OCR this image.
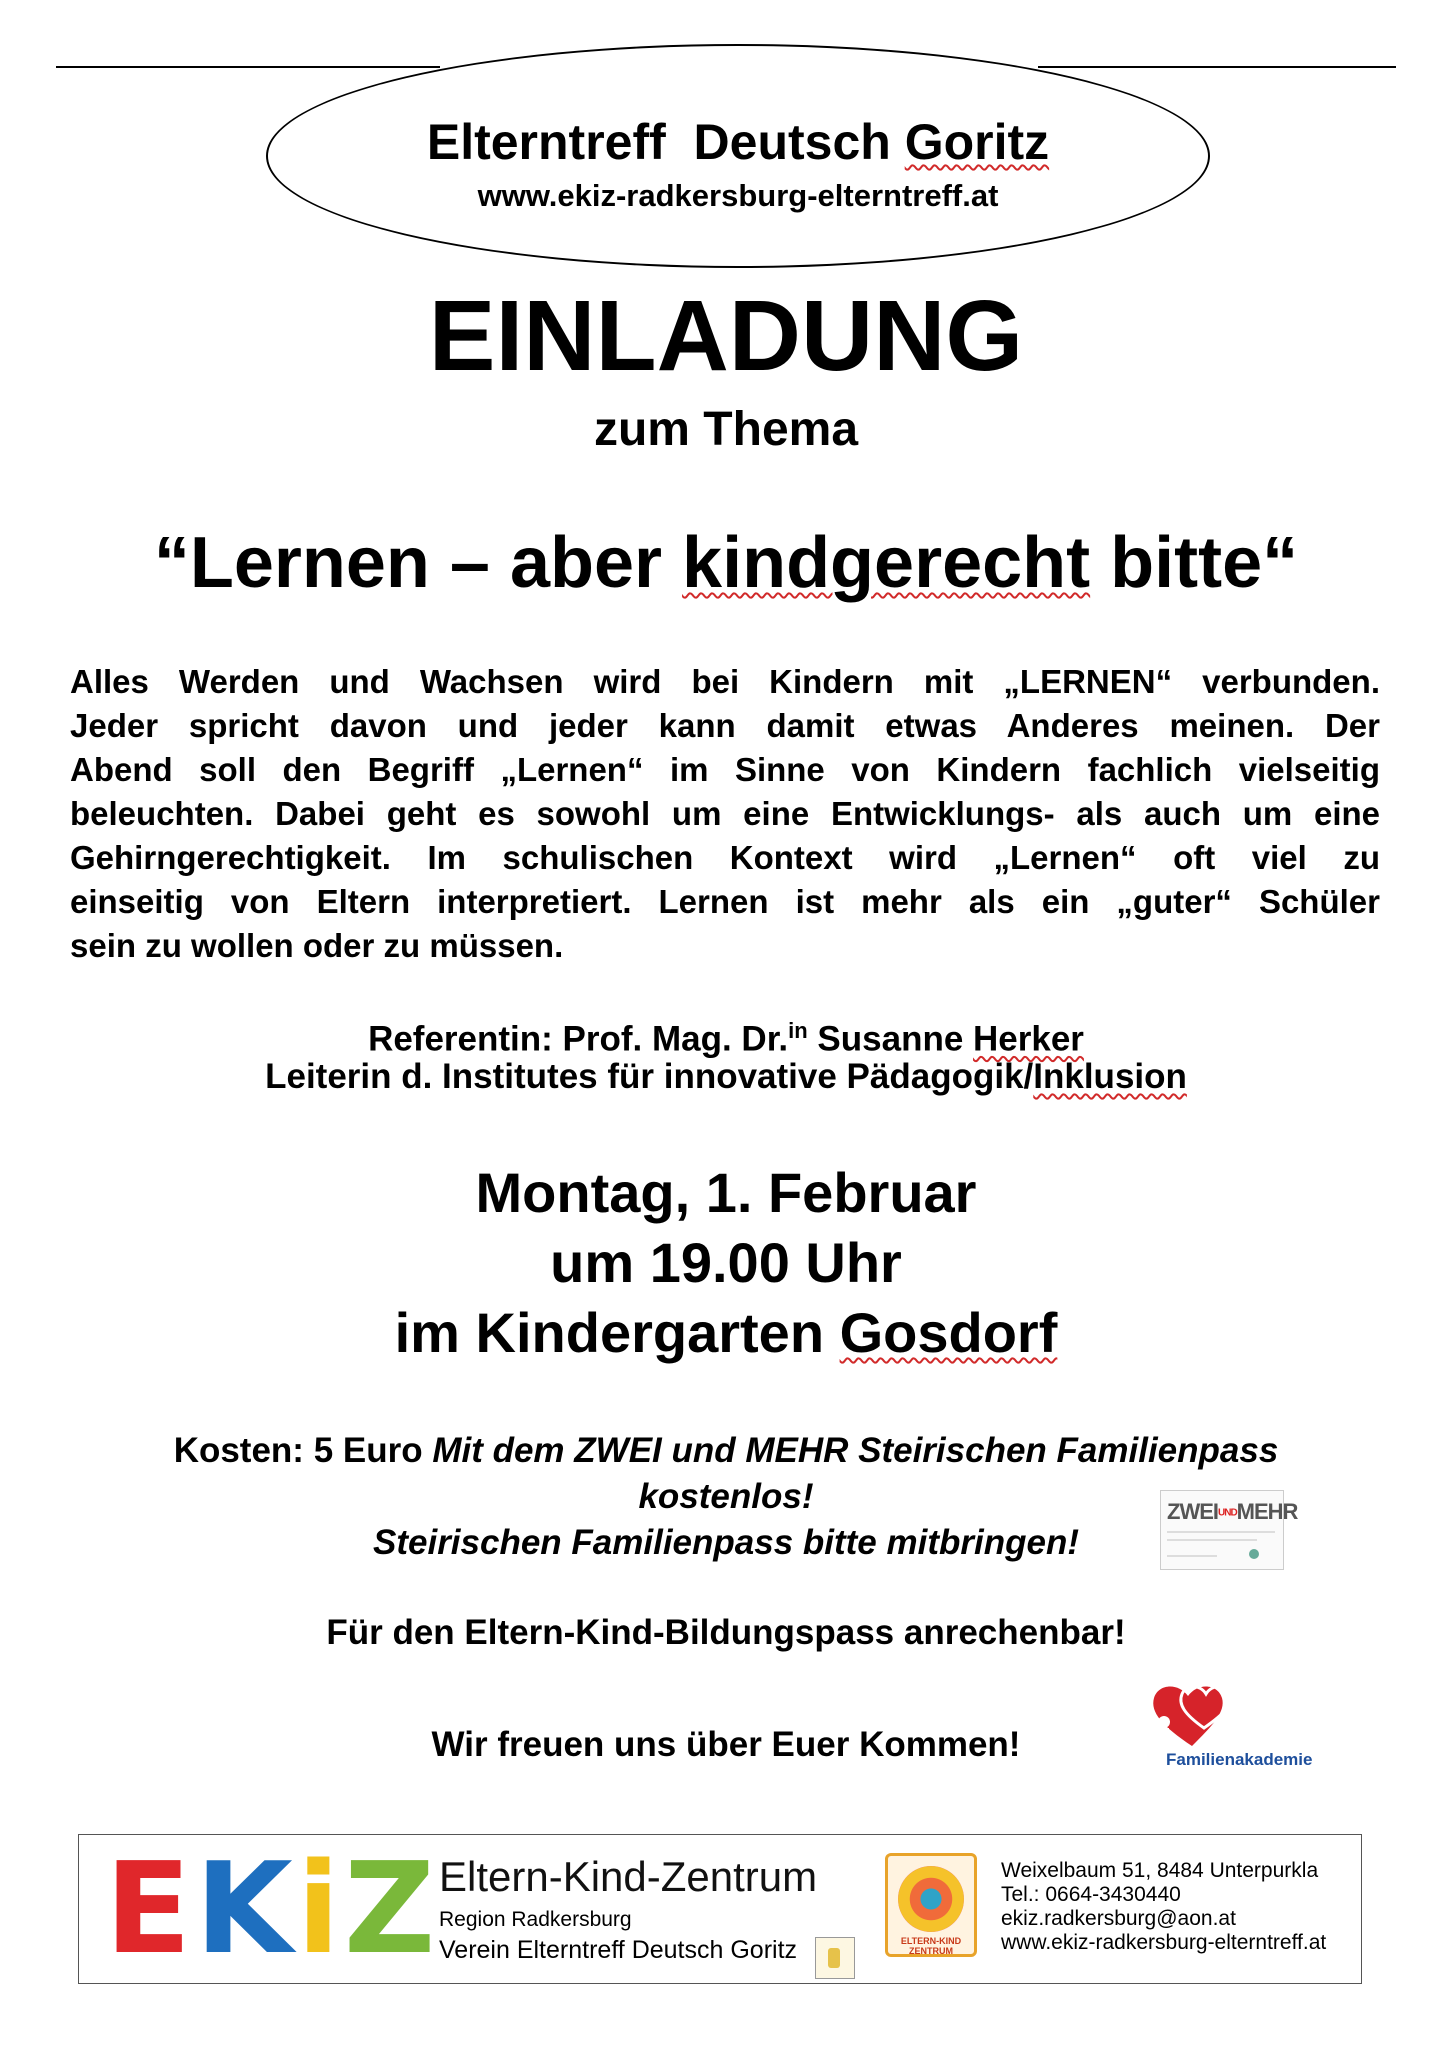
Elterntreff  Deutsch Goritz
www.ekiz-radkersburg-elterntreff.at
EINLADUNG
zum Thema
“Lernen – aber kindgerecht bitte“
Alles Werden und Wachsen wird bei Kindern mit „LERNEN“ verbunden.
Jeder spricht davon und jeder kann damit etwas Anderes meinen. Der
Abend soll den Begriff „Lernen“ im Sinne von Kindern fachlich vielseitig
beleuchten. Dabei geht es sowohl um eine Entwicklungs- als auch um eine
Gehirngerechtigkeit. Im schulischen Kontext wird „Lernen“ oft viel zu
einseitig von Eltern interpretiert. Lernen ist mehr als ein „guter“ Schüler
sein zu wollen oder zu müssen.
Referentin: Prof. Mag. Dr.$^{in}$ Susanne Herker
Leiterin d. Institutes für innovative Pädagogik/Inklusion
Montag, 1. Februar
um 19.00 Uhr
im Kindergarten Gosdorf
Kosten: 5 Euro Mit dem ZWEI und MEHR Steirischen Familienpass
kostenlos!
Steirischen Familienpass bitte mitbringen!
ZWEIUNDMEHR
Für den Eltern-Kind-Bildungspass anrechenbar!
Wir freuen uns über Euer Kommen!	Familienakademie
EKiZ Eltern-Kind-Zentrum
Region Radkersburg
Verein Elterntreff Deutsch Goritz	ELTERN-KIND ZENTRUM
Weixelbaum 51, 8484 Unterpurkla
Tel.: 0664-3430440
ekiz.radkersburg@aon.at
www.ekiz-radkersburg-elterntreff.at
